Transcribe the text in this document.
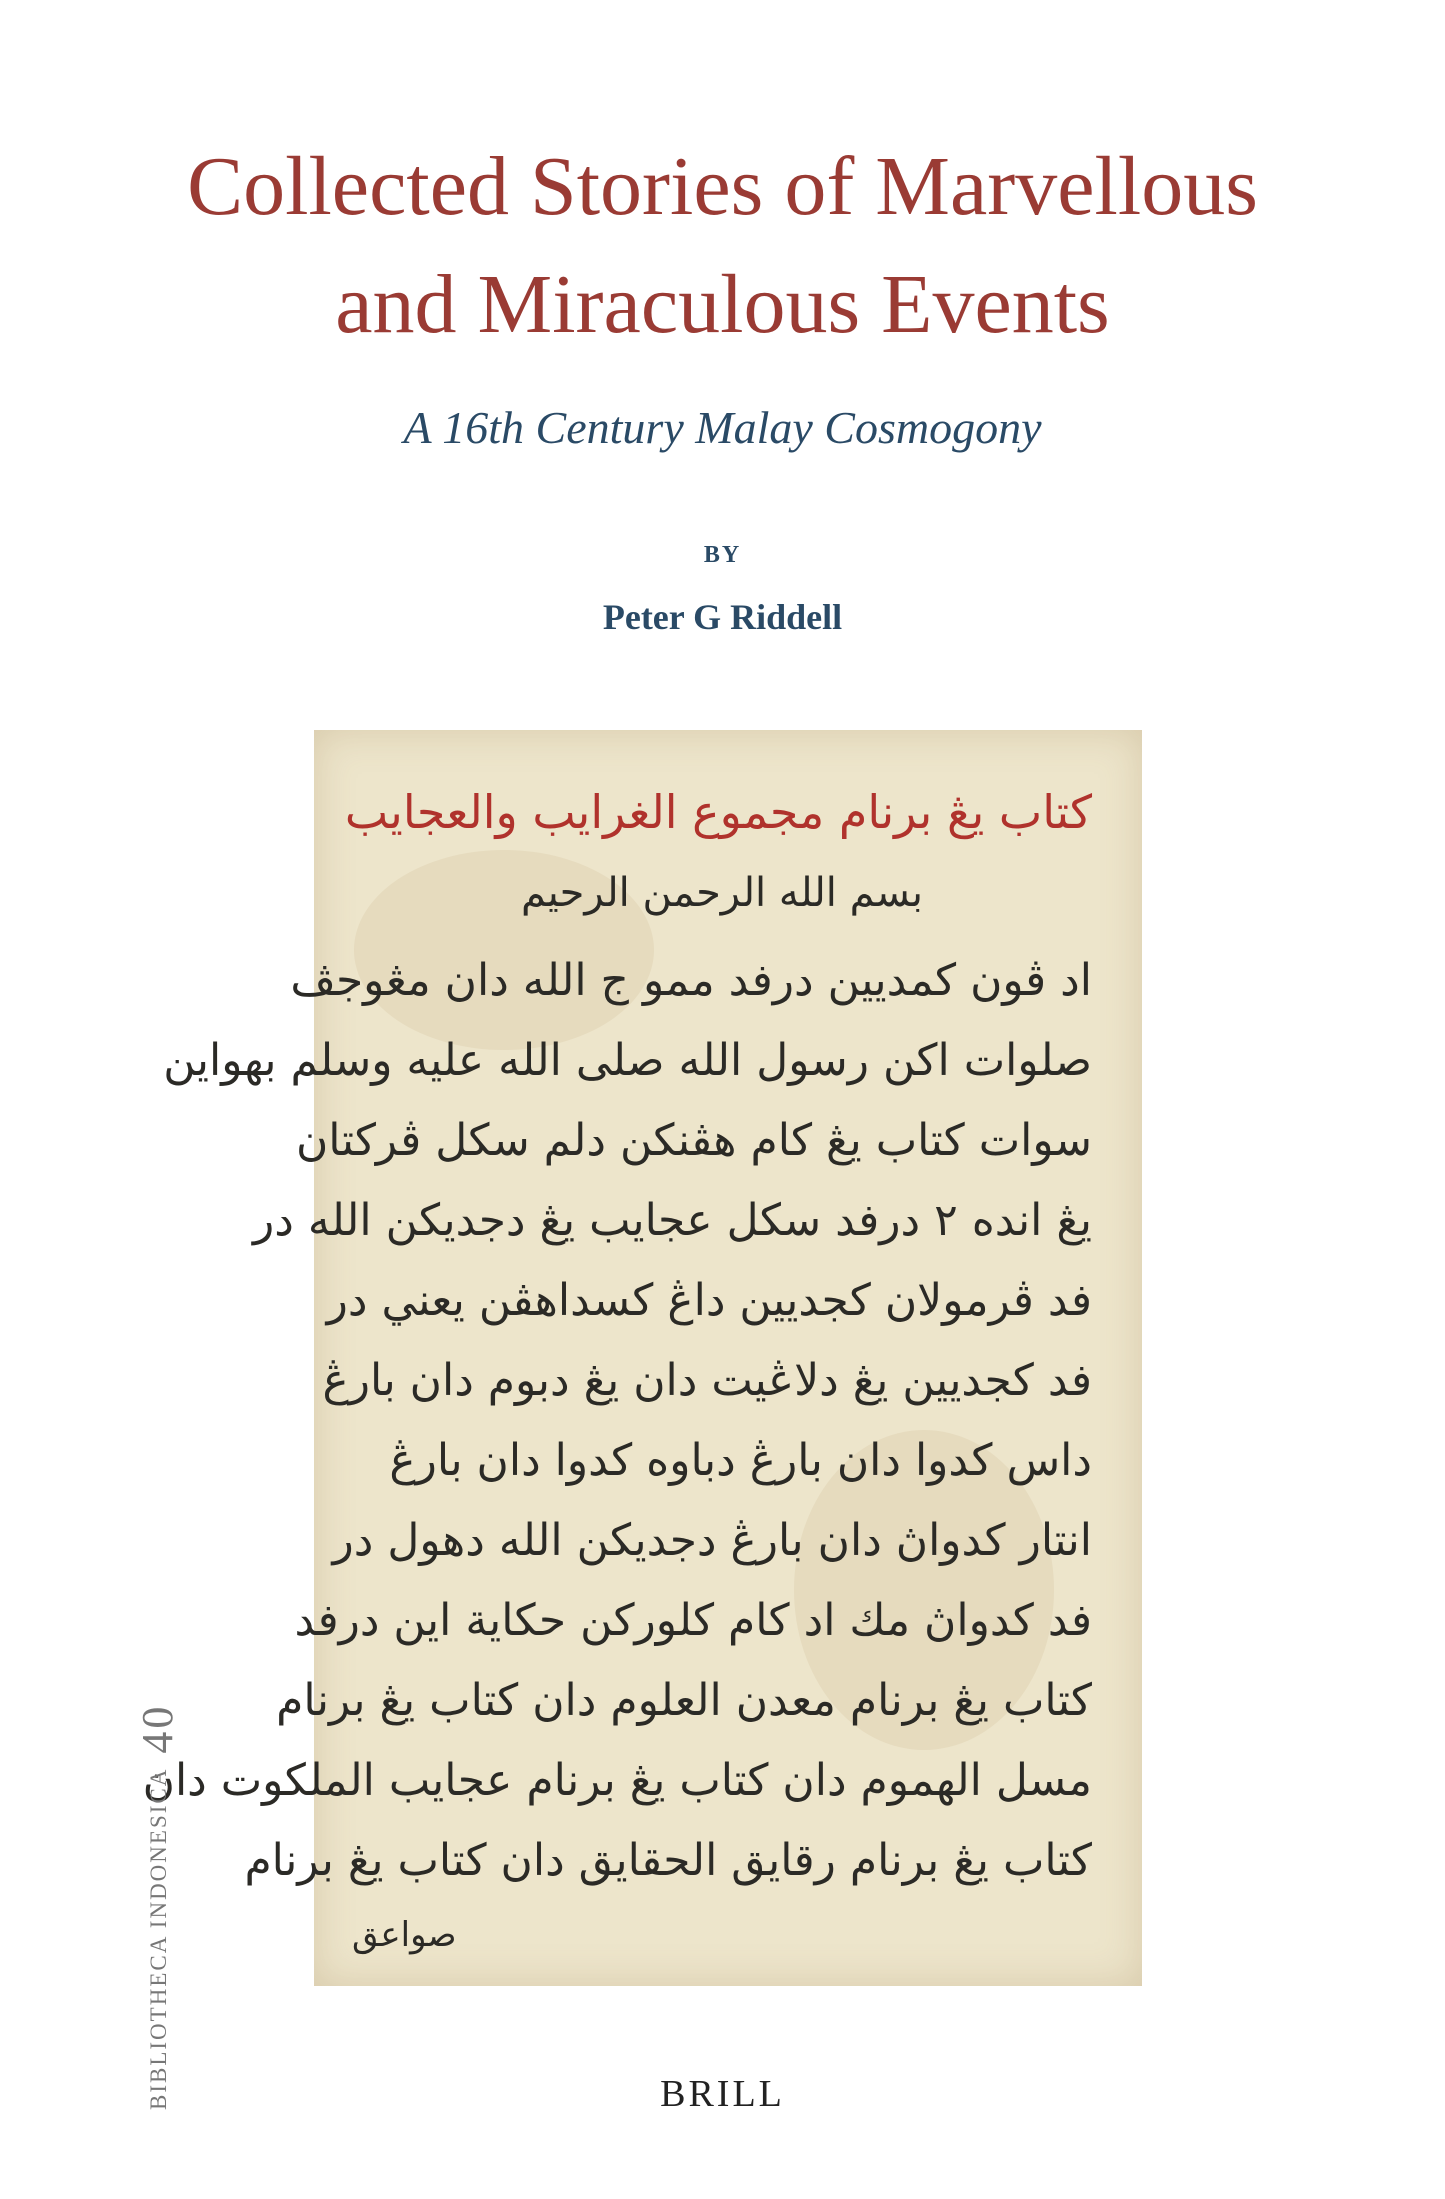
Collected Stories of Marvellous
and Miraculous Events
A 16th Century Malay Cosmogony
BY
Peter G Riddell
كتاب يڠ برنام مجموع الغرايب والعجايب
بسم الله الرحمن الرحيم
اد ڤون كمديين درفد ممو ج الله دان مڠوجڤ
صلوات اكن رسول الله صلى الله عليه وسلم بهواين
سوات كتاب يڠ كام هڤنكن دلم سكل ڤركتان
يڠ انده ٢ درفد سكل عجايب يڠ دجديكن الله در
فد ڤرمولان كجديين داڠ كسداهڤن يعني در
فد كجديين يڠ دلاڠيت دان يڠ دبوم دان بارڠ
داس كدوا دان بارڠ دباوه كدوا دان بارڠ
انتار كدواڽ دان بارڠ دجديكن الله دهول در
فد كدواڽ مك اد كام كلوركن حكاية اين درفد
كتاب يڠ برنام معدن العلوم دان كتاب يڠ برنام
مسل الهموم دان كتاب يڠ برنام عجايب الملكوت دان
كتاب يڠ برنام رقايق الحقايق دان كتاب يڠ برنام
صواعق
BIBLIOTHECA INDONESICA40
BRILL
